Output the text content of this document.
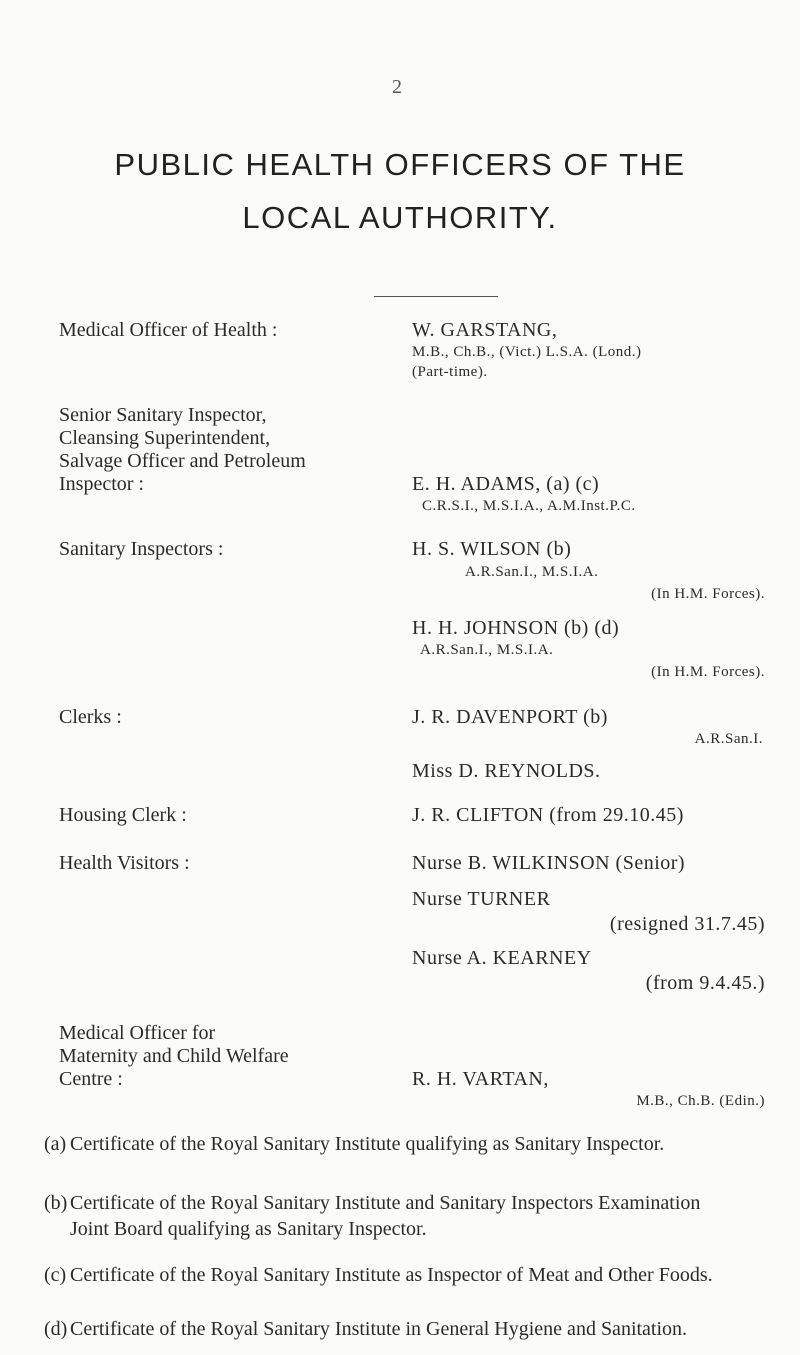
2
PUBLIC HEALTH OFFICERS OF THE
LOCAL AUTHORITY.
Medical Officer of Health :	W. GARSTANG,
M.B., Ch.B., (Vict.) L.S.A. (Lond.)
(Part-time).
Senior Sanitary Inspector,
Cleansing Superintendent,
Salvage Officer and Petroleum
Inspector :	E. H. ADAMS, (a) (c)
C.R.S.I., M.S.I.A., A.M.Inst.P.C.
Sanitary Inspectors :	H. S. WILSON (b)
A.R.San.I., M.S.I.A.
(In H.M. Forces).
H. H. JOHNSON (b) (d)
A.R.San.I., M.S.I.A.
(In H.M. Forces).
Clerks :	J. R. DAVENPORT (b)
A.R.San.I.
Miss D. REYNOLDS.
Housing Clerk :	J. R. CLIFTON (from 29.10.45)
Health Visitors :	Nurse B. WILKINSON (Senior)
Nurse TURNER
(resigned 31.7.45)
Nurse A. KEARNEY
(from 9.4.45.)
Medical Officer for
Maternity and Child Welfare
Centre :	R. H. VARTAN,
M.B., Ch.B. (Edin.)
(a) Certificate of the Royal Sanitary Institute qualifying as Sanitary Inspector.
(b) Certificate of the Royal Sanitary Institute and Sanitary Inspectors Examination Joint Board qualifying as Sanitary Inspector.
(c) Certificate of the Royal Sanitary Institute as Inspector of Meat and Other Foods.
(d) Certificate of the Royal Sanitary Institute in General Hygiene and Sanitation.
